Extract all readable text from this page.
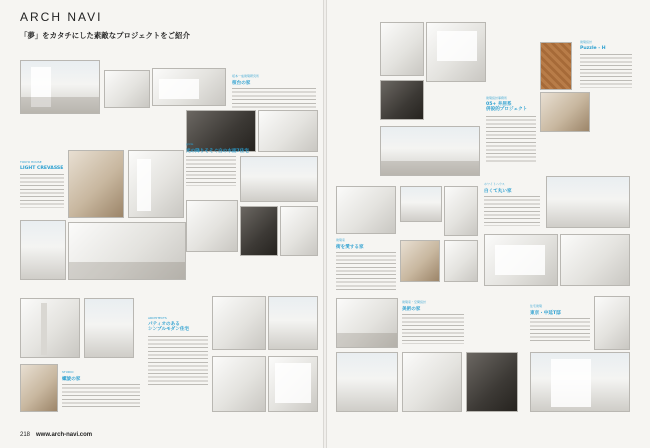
ARCH NAVI
「夢」をカタチにした素敵なプロジェクトをご紹介
坂本一成建築研究所
桜台の家
TOKYO HOUSE
LIGHT CREVASSE
glide
光の降りそそぐ白の水面7住宅
STUDIO
螺旋の家
ARCHITECTS
パティオのある
シンプルモダン住宅
218 www.arch-navi.com
建築設計事務所
05+ 井居系
併設的プロジェクト
建築設計
Puzzle - H
建築家
街を愛する家
ホワイトハウス
白くて丸い家
建築家・空間設計
美術の家
住宅建築
東京・中延T邸
